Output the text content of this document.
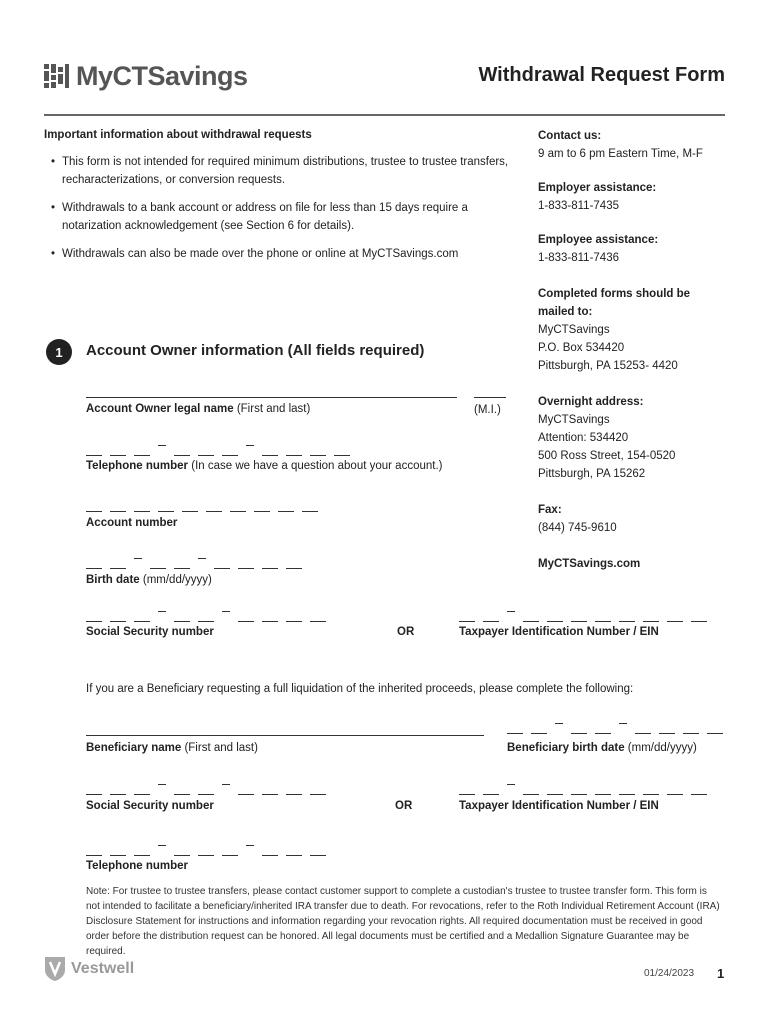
MyCTSavings	Withdrawal Request Form
Important information about withdrawal requests
• This form is not intended for required minimum distributions, trustee to trustee transfers, recharacterizations, or conversion requests.
• Withdrawals to a bank account or address on file for less than 15 days require a notarization acknowledgement (see Section 6 for details).
• Withdrawals can also be made over the phone or online at MyCTSavings.com
Contact us:
9 am to 6 pm Eastern Time, M-F
Employer assistance:
1-833-811-7435
Employee assistance:
1-833-811-7436
Completed forms should be mailed to:
MyCTSavings
P.O. Box 534420
Pittsburgh, PA 15253- 4420
Overnight address:
MyCTSavings
Attention: 534420
500 Ross Street, 154-0520
Pittsburgh, PA 15262
Fax:
(844) 745-9610
MyCTSavings.com
1	Account Owner information (All fields required)
Account Owner legal name (First and last)	(M.I.)
Telephone number (In case we have a question about your account.)
Account number
Birth date (mm/dd/yyyy)
Social Security number	OR	Taxpayer Identification Number / EIN
If you are a Beneficiary requesting a full liquidation of the inherited proceeds, please complete the following:
Beneficiary name (First and last)	Beneficiary birth date (mm/dd/yyyy)
Social Security number	OR	Taxpayer Identification Number / EIN
Telephone number
Note: For trustee to trustee transfers, please contact customer support to complete a custodian's trustee to trustee transfer form. This form is not intended to facilitate a beneficiary/inherited IRA transfer due to death. For revocations, refer to the Roth Individual Retirement Account (IRA) Disclosure Statement for instructions and information regarding your revocation rights. All required documentation must be received in good order before the distribution request can be honored. All legal documents must be certified and a Medallion Signature Guarantee may be required.
Vestwell	01/24/2023 1
